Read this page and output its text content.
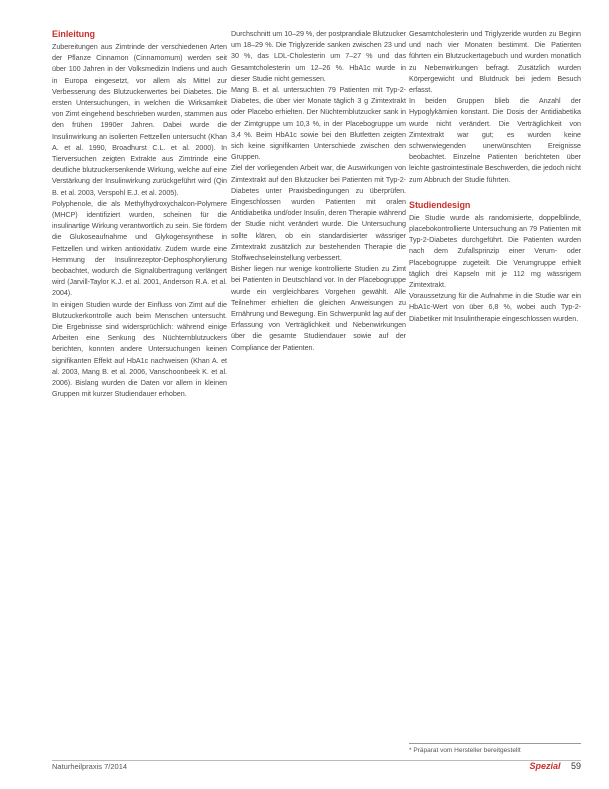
Einleitung

Zubereitungen aus Zimtrinde der verschiedenen Arten der Pflanze Cinnamon (Cinnamomum) werden seit über 100 Jahren in der Volksmedizin Indiens und auch in Europa eingesetzt, vor allem als Mittel zur Verbesserung des Blutzuckerwertes bei Diabetes. Die ersten Untersuchungen, in welchen die Wirksamkeit von Zimt eingehend beschrieben wurden, stammen aus den frühen 1990er Jahren. Dabei wurde die Insulinwirkung an isolierten Fettzellen untersucht (Khan A. et al. 1990, Broadhurst C.L. et al. 2000). In Tierversuchen zeigten Extrakte aus Zimtrinde eine deutliche blutzuckersenkende Wirkung, welche auf eine Verstärkung der Insulinwirkung zurückgeführt wird (Qin B. et al. 2003, Verspohl E.J. et al. 2005).

Polyphenole, die als Methylhydroxychalcon-Polymere (MHCP) identifiziert wurden, scheinen für die insulinartige Wirkung verantwortlich zu sein. Sie fördern die Glukoseaufnahme und Glykogensynthese in Fettzellen und wirken antioxidativ. Zudem wurde eine Hemmung der Insulinrezeptor-Dephosphorylierung beobachtet, wodurch die Signalübertragung verlängert wird (Jarvill-Taylor K.J. et al. 2001, Anderson R.A. et al. 2004).

In einigen Studien wurde der Einfluss von Zimt auf die Blutzuckerkontrolle auch beim Menschen untersucht. Die Ergebnisse sind widersprüchlich: während einige Arbeiten eine Senkung des Nüchternblutzuckers berichten, konnten andere Untersuchungen keinen signifikanten Effekt auf HbA1c nachweisen (Khan A. et al. 2003, Mang B. et al. 2006, Vanschoonbeek K. et al. 2006). Bislang wurden die Daten vor allem in kleinen Gruppen mit kurzer Studiendauer erhoben.

Durchschnitt um 10–29 %, der postprandiale Blutzucker um 18–29 %. Die Triglyzeride sanken zwischen 23 und 30 %, das LDL-Cholesterin um 7–27 % und das Gesamtcholesterin um 12–26 %. HbA1c wurde in dieser Studie nicht gemessen.

Mang B. et al. untersuchten 79 Patienten mit Typ-2-Diabetes, die über vier Monate täglich 3 g Zimtextrakt oder Placebo erhielten. Der Nüchternblutzucker sank in der Zimtgruppe um 10,3 %, in der Placebogruppe um 3,4 %. Beim HbA1c sowie bei den Blutfetten zeigten sich keine signifikanten Unterschiede zwischen den Gruppen.

Ziel der vorliegenden Arbeit war, die Auswirkungen von Zimtextrakt auf den Blutzucker bei Patienten mit Typ-2-Diabetes unter Praxisbedingungen zu überprüfen. Eingeschlossen wurden Patienten mit oralen Antidiabetika und/oder Insulin, deren Therapie während der Studie nicht verändert wurde. Die Untersuchung sollte klären, ob ein standardisierter wässriger Zimtextrakt zusätzlich zur bestehenden Therapie die Stoffwechseleinstellung verbessert.

Bisher liegen nur wenige kontrollierte Studien zu Zimt bei Patienten in Deutschland vor. In der Placebogruppe wurde ein vergleichbares Vorgehen gewählt. Alle Teilnehmer erhielten die gleichen Anweisungen zu Ernährung und Bewegung. Ein Schwerpunkt lag auf der Erfassung von Verträglichkeit und Nebenwirkungen über die gesamte Studiendauer sowie auf der Compliance der Patienten.

Gesamtcholesterin und Triglyzeride wurden zu Beginn und nach vier Monaten bestimmt. Die Patienten führten ein Blutzuckertagebuch und wurden monatlich zu Nebenwirkungen befragt. Zusätzlich wurden Körpergewicht und Blutdruck bei jedem Besuch erfasst.

In beiden Gruppen blieb die Anzahl der Hypoglykämien konstant. Die Dosis der Antidiabetika wurde nicht verändert. Die Verträglichkeit von Zimtextrakt war gut; es wurden keine schwerwiegenden unerwünschten Ereignisse beobachtet. Einzelne Patienten berichteten über leichte gastrointestinale Beschwerden, die jedoch nicht zum Abbruch der Studie führten.

Studiendesign

Die Studie wurde als randomisierte, doppelblinde, placebokontrollierte Untersuchung an 79 Patienten mit Typ-2-Diabetes durchgeführt. Die Patienten wurden nach dem Zufallsprinzip einer Verum- oder Placebogruppe zugeteilt. Die Verumgruppe erhielt täglich drei Kapseln mit je 112 mg wässrigem Zimtextrakt.

Voraussetzung für die Aufnahme in die Studie war ein HbA1c-Wert von über 6,8 %, wobei auch Typ-2-Diabetiker mit Insulintherapie eingeschlossen wurden.

* Präparat vom Hersteller bereitgestellt
Naturheilpraxis 7/2014	Spezial 59
